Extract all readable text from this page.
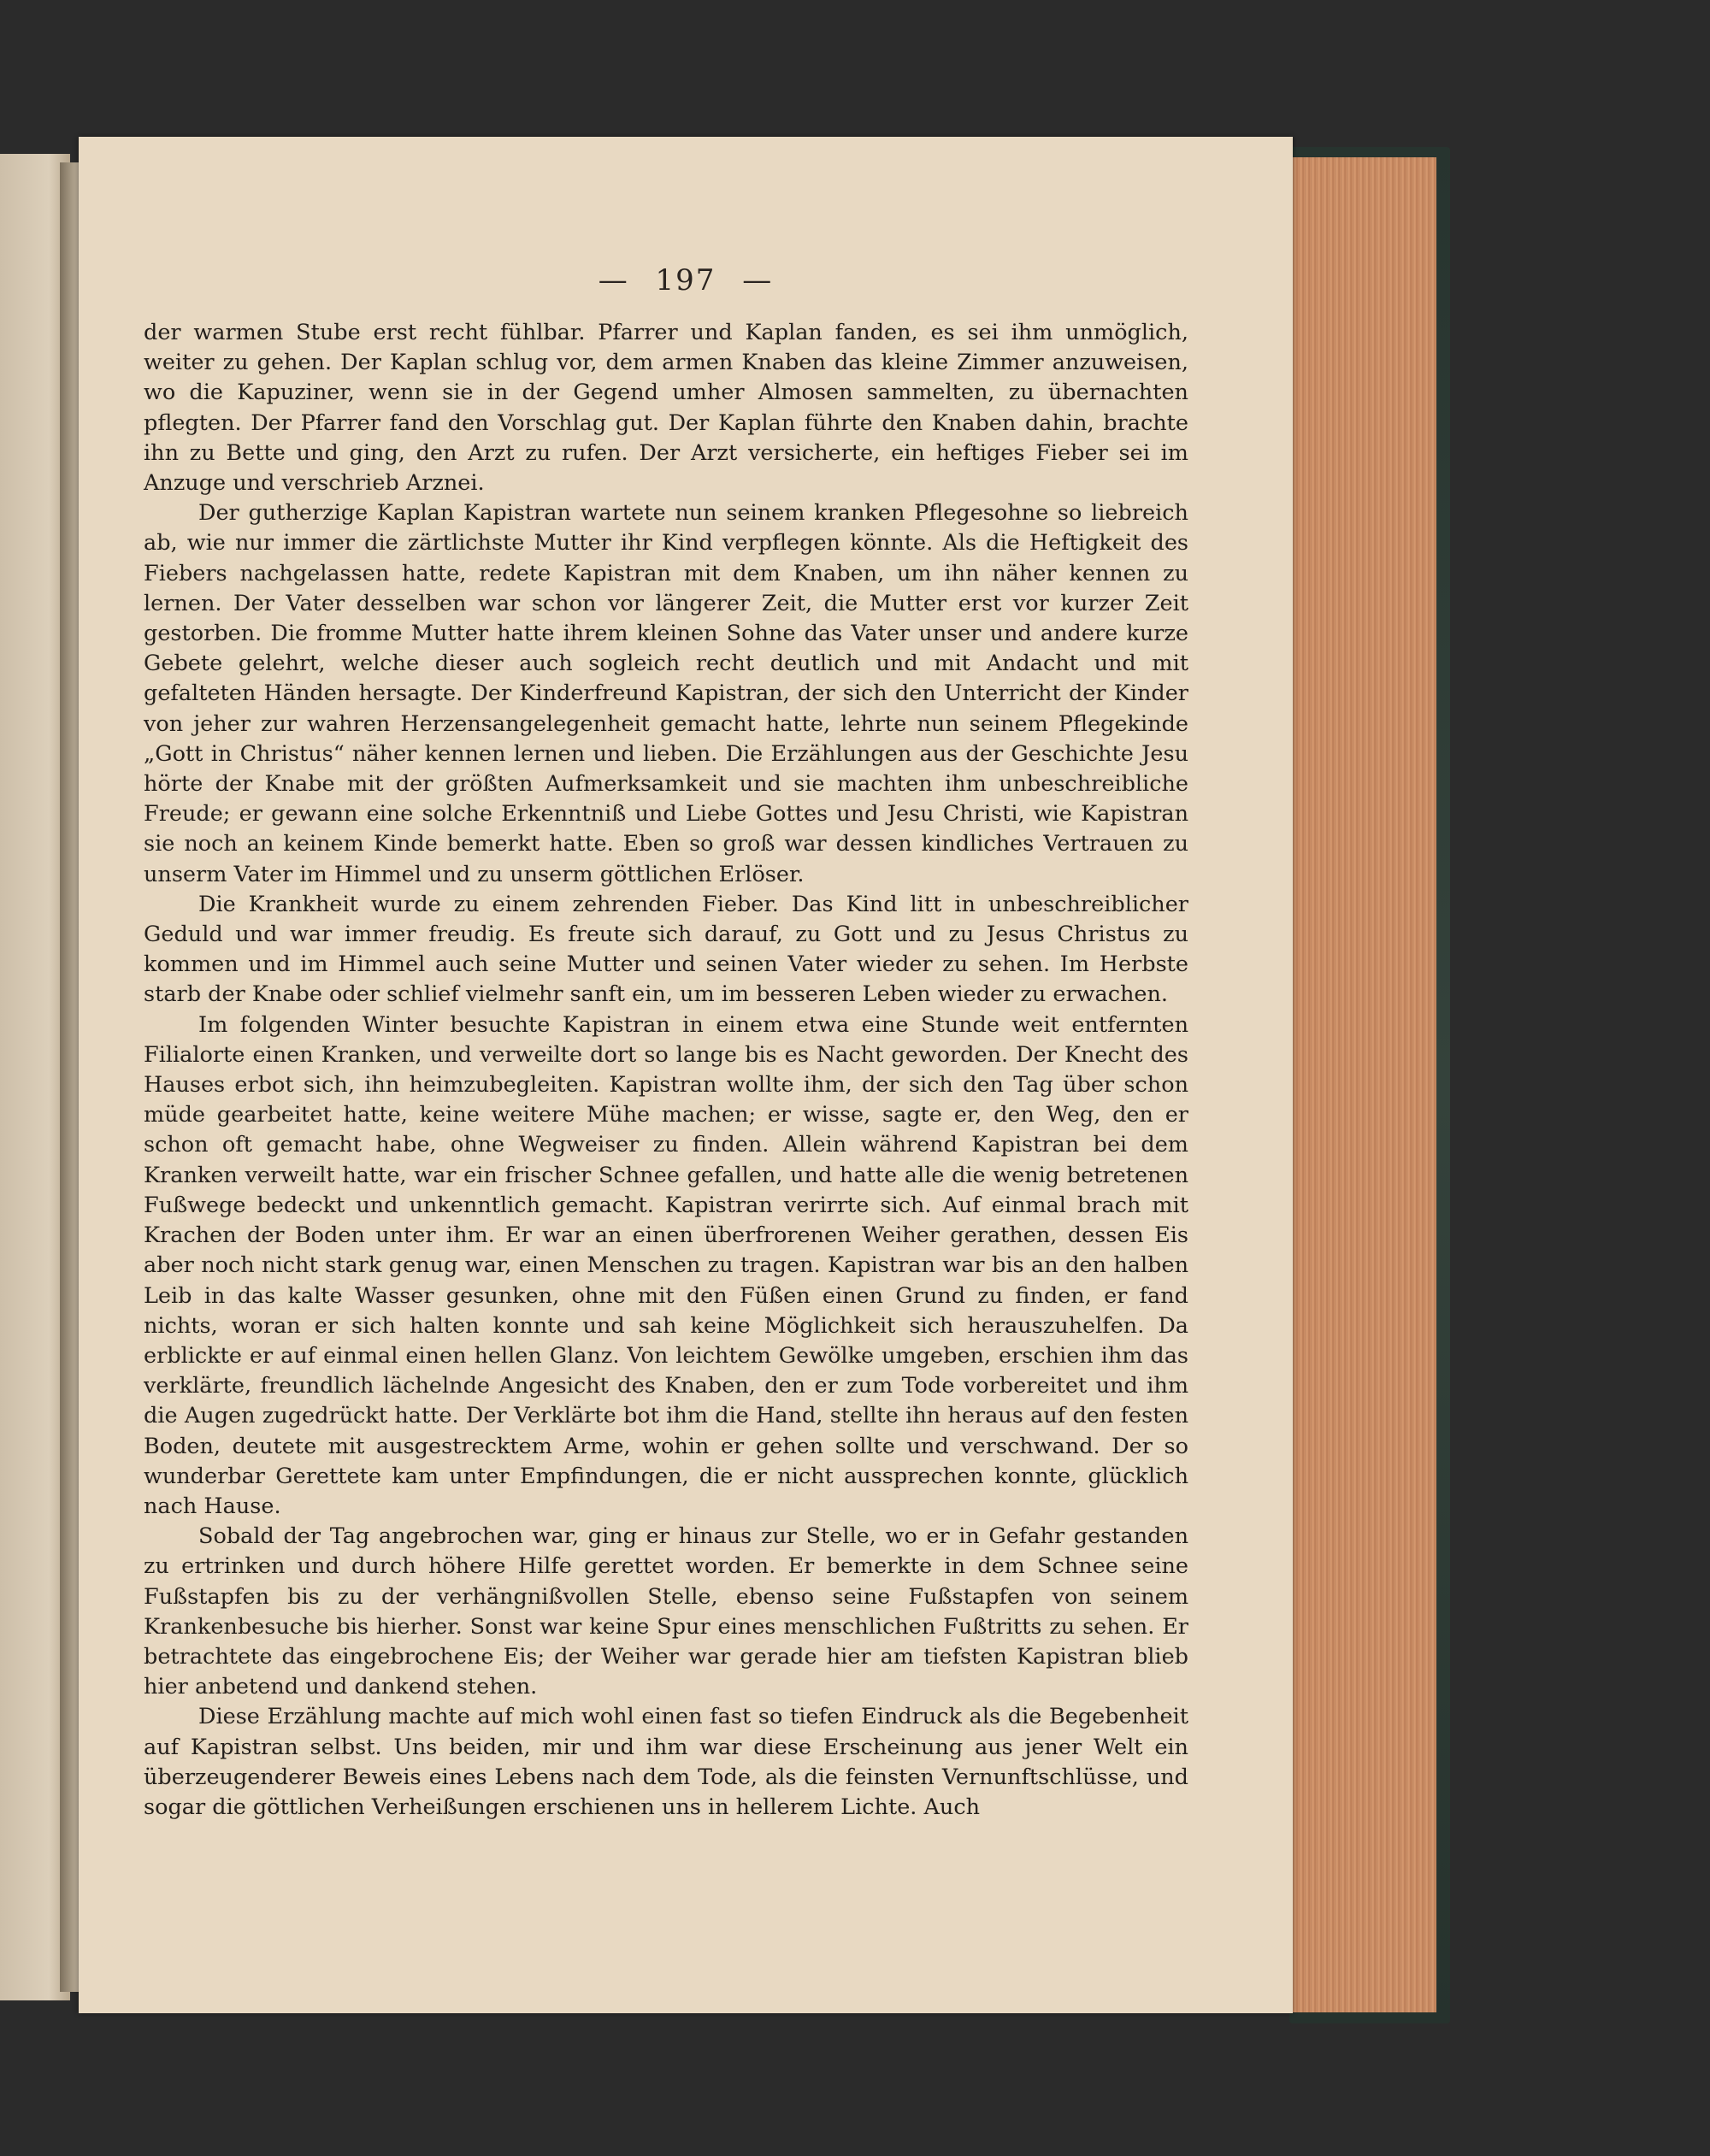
— 197 —

der warmen Stube erst recht fühlbar. Pfarrer und Kaplan fanden, es sei ihm unmöglich, weiter zu gehen. Der Kaplan schlug vor, dem armen Knaben das kleine Zimmer anzuweisen, wo die Kapuziner, wenn sie in der Gegend umher Almosen sammelten, zu übernachten pflegten. Der Pfarrer fand den Vorschlag gut. Der Kaplan führte den Knaben dahin, brachte ihn zu Bette und ging, den Arzt zu rufen. Der Arzt versicherte, ein heftiges Fieber sei im Anzuge und verschrieb Arznei.

Der gutherzige Kaplan Kapistran wartete nun seinem kranken Pflegesohne so liebreich ab, wie nur immer die zärtlichste Mutter ihr Kind verpflegen könnte. Als die Heftigkeit des Fiebers nachgelassen hatte, redete Kapistran mit dem Knaben, um ihn näher kennen zu lernen. Der Vater desselben war schon vor längerer Zeit, die Mutter erst vor kurzer Zeit gestorben. Die fromme Mutter hatte ihrem kleinen Sohne das Vater unser und andere kurze Gebete gelehrt, welche dieser auch sogleich recht deutlich und mit Andacht und mit gefalteten Händen hersagte. Der Kinderfreund Kapistran, der sich den Unterricht der Kinder von jeher zur wahren Herzensangelegenheit gemacht hatte, lehrte nun seinem Pflegekinde „Gott in Christus“ näher kennen lernen und lieben. Die Erzählungen aus der Geschichte Jesu hörte der Knabe mit der größten Aufmerksamkeit und sie machten ihm unbeschreibliche Freude; er gewann eine solche Erkenntniß und Liebe Gottes und Jesu Christi, wie Kapistran sie noch an keinem Kinde bemerkt hatte. Eben so groß war dessen kindliches Vertrauen zu unserm Vater im Himmel und zu unserm göttlichen Erlöser.

Die Krankheit wurde zu einem zehrenden Fieber. Das Kind litt in unbeschreiblicher Geduld und war immer freudig. Es freute sich darauf, zu Gott und zu Jesus Christus zu kommen und im Himmel auch seine Mutter und seinen Vater wieder zu sehen. Im Herbste starb der Knabe oder schlief vielmehr sanft ein, um im besseren Leben wieder zu erwachen.

Im folgenden Winter besuchte Kapistran in einem etwa eine Stunde weit entfernten Filialorte einen Kranken, und verweilte dort so lange bis es Nacht geworden. Der Knecht des Hauses erbot sich, ihn heimzubegleiten. Kapistran wollte ihm, der sich den Tag über schon müde gearbeitet hatte, keine weitere Mühe machen; er wisse, sagte er, den Weg, den er schon oft gemacht habe, ohne Wegweiser zu finden. Allein während Kapistran bei dem Kranken verweilt hatte, war ein frischer Schnee gefallen, und hatte alle die wenig betretenen Fußwege bedeckt und unkenntlich gemacht. Kapistran verirrte sich. Auf einmal brach mit Krachen der Boden unter ihm. Er war an einen überfrorenen Weiher gerathen, dessen Eis aber noch nicht stark genug war, einen Menschen zu tragen. Kapistran war bis an den halben Leib in das kalte Wasser gesunken, ohne mit den Füßen einen Grund zu finden, er fand nichts, woran er sich halten konnte und sah keine Möglichkeit sich herauszuhelfen. Da erblickte er auf einmal einen hellen Glanz. Von leichtem Gewölke umgeben, erschien ihm das verklärte, freundlich lächelnde Angesicht des Knaben, den er zum Tode vorbereitet und ihm die Augen zugedrückt hatte. Der Verklärte bot ihm die Hand, stellte ihn heraus auf den festen Boden, deutete mit ausgestrecktem Arme, wohin er gehen sollte und verschwand. Der so wunderbar Gerettete kam unter Empfindungen, die er nicht aussprechen konnte, glücklich nach Hause.

Sobald der Tag angebrochen war, ging er hinaus zur Stelle, wo er in Gefahr gestanden zu ertrinken und durch höhere Hilfe gerettet worden. Er bemerkte in dem Schnee seine Fußstapfen bis zu der verhängnißvollen Stelle, ebenso seine Fußstapfen von seinem Krankenbesuche bis hierher. Sonst war keine Spur eines menschlichen Fußtritts zu sehen. Er betrachtete das eingebrochene Eis; der Weiher war gerade hier am tiefsten Kapistran blieb hier anbetend und dankend stehen.

Diese Erzählung machte auf mich wohl einen fast so tiefen Eindruck als die Begebenheit auf Kapistran selbst. Uns beiden, mir und ihm war diese Erscheinung aus jener Welt ein überzeugenderer Beweis eines Lebens nach dem Tode, als die feinsten Vernunftschlüsse, und sogar die göttlichen Verheißungen erschienen uns in hellerem Lichte. Auch
